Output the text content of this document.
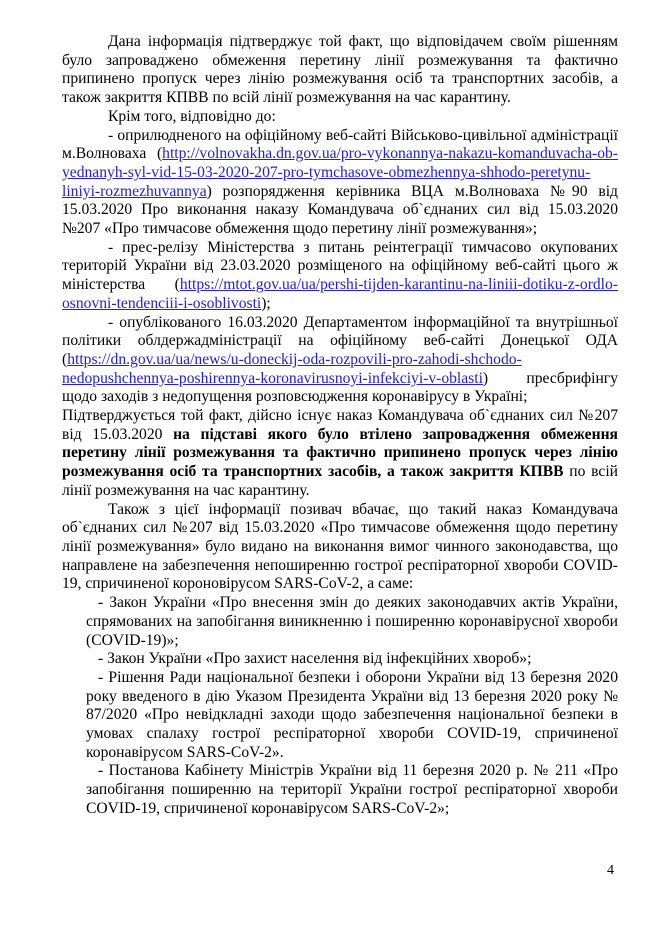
Дана інформація підтверджує той факт, що відповідачем своїм рішенням було запроваджено обмеження перетину лінії розмежування та фактично припинено пропуск через лінію розмежування осіб та транспортних засобів, а також закриття КПВВ по всій лінії розмежування на час карантину.

Крім того, відповідно до:

- оприлюдненого на офіційному веб-сайті Військово-цивільної адміністрації м.Волноваха (http://volnovakha.dn.gov.ua/pro-vykonannya-nakazu-komanduvacha-ob-yednanyh-syl-vid-15-03-2020-207-pro-tymchasove-obmezhennya-shhodo-peretynu-liniyi-rozmezhuvannya) розпорядження керівника ВЦА м.Волноваха №90 від 15.03.2020 Про виконання наказу Командувача об`єднаних сил від 15.03.2020 №207 «Про тимчасове обмеження щодо перетину лінії розмежування»;

- прес-релізу Міністерства з питань реінтеграції тимчасово окупованих територій України від 23.03.2020 розміщеного на офіційному веб-сайті цього ж міністерства (https://mtot.gov.ua/ua/pershi-tijden-karantinu-na-liniii-dotiku-z-ordlo-osnovni-tendenciii-i-osoblivosti);

- опублікованого 16.03.2020 Департаментом інформаційної та внутрішньої політики облдержадміністрації на офіційному веб-сайті Донецької ОДА (https://dn.gov.ua/ua/news/u-doneckij-oda-rozpovili-pro-zahodi-shchodo-nedopushchennya-poshirennya-koronavirusnoyi-infekciyi-v-oblasti) пресбрифінгу щодо заходів з недопущення розповсюдження коронавірусу в Україні;

Підтверджується той факт, дійсно існує наказ Командувача об`єднаних сил №207 від 15.03.2020 на підставі якого було втілено запровадження обмеження перетину лінії розмежування та фактично припинено пропуск через лінію розмежування осіб та транспортних засобів, а також закриття КПВВ по всій лінії розмежування на час карантину.

Також з цієї інформації позивач вбачає, що такий наказ Командувача об`єднаних сил №207 від 15.03.2020 «Про тимчасове обмеження щодо перетину лінії розмежування» було видано на виконання вимог чинного законодавства, що направлене на забезпечення непоширенню гострої респіраторної хвороби COVID-19, спричиненої короновірусом SARS-CoV-2, а саме:

- Закон України «Про внесення змін до деяких законодавчих актів України, спрямованих на запобігання виникненню і поширенню коронавірусної хвороби (COVID-19)»;

- Закон України «Про захист населення від інфекційних хвороб»;

- Рішення Ради національної безпеки і оборони України від 13 березня 2020 року введеного в дію Указом Президента України від 13 березня 2020 року № 87/2020 «Про невідкладні заходи щодо забезпечення національної безпеки в умовах спалаху гострої респіраторної хвороби COVID-19, спричиненої коронавірусом SARS-CoV-2».

- Постанова Кабінету Міністрів України від 11 березня 2020 р. № 211 «Про запобігання поширенню на території України гострої респіраторної хвороби COVID-19, спричиненої коронавірусом SARS-CoV-2»;

4
